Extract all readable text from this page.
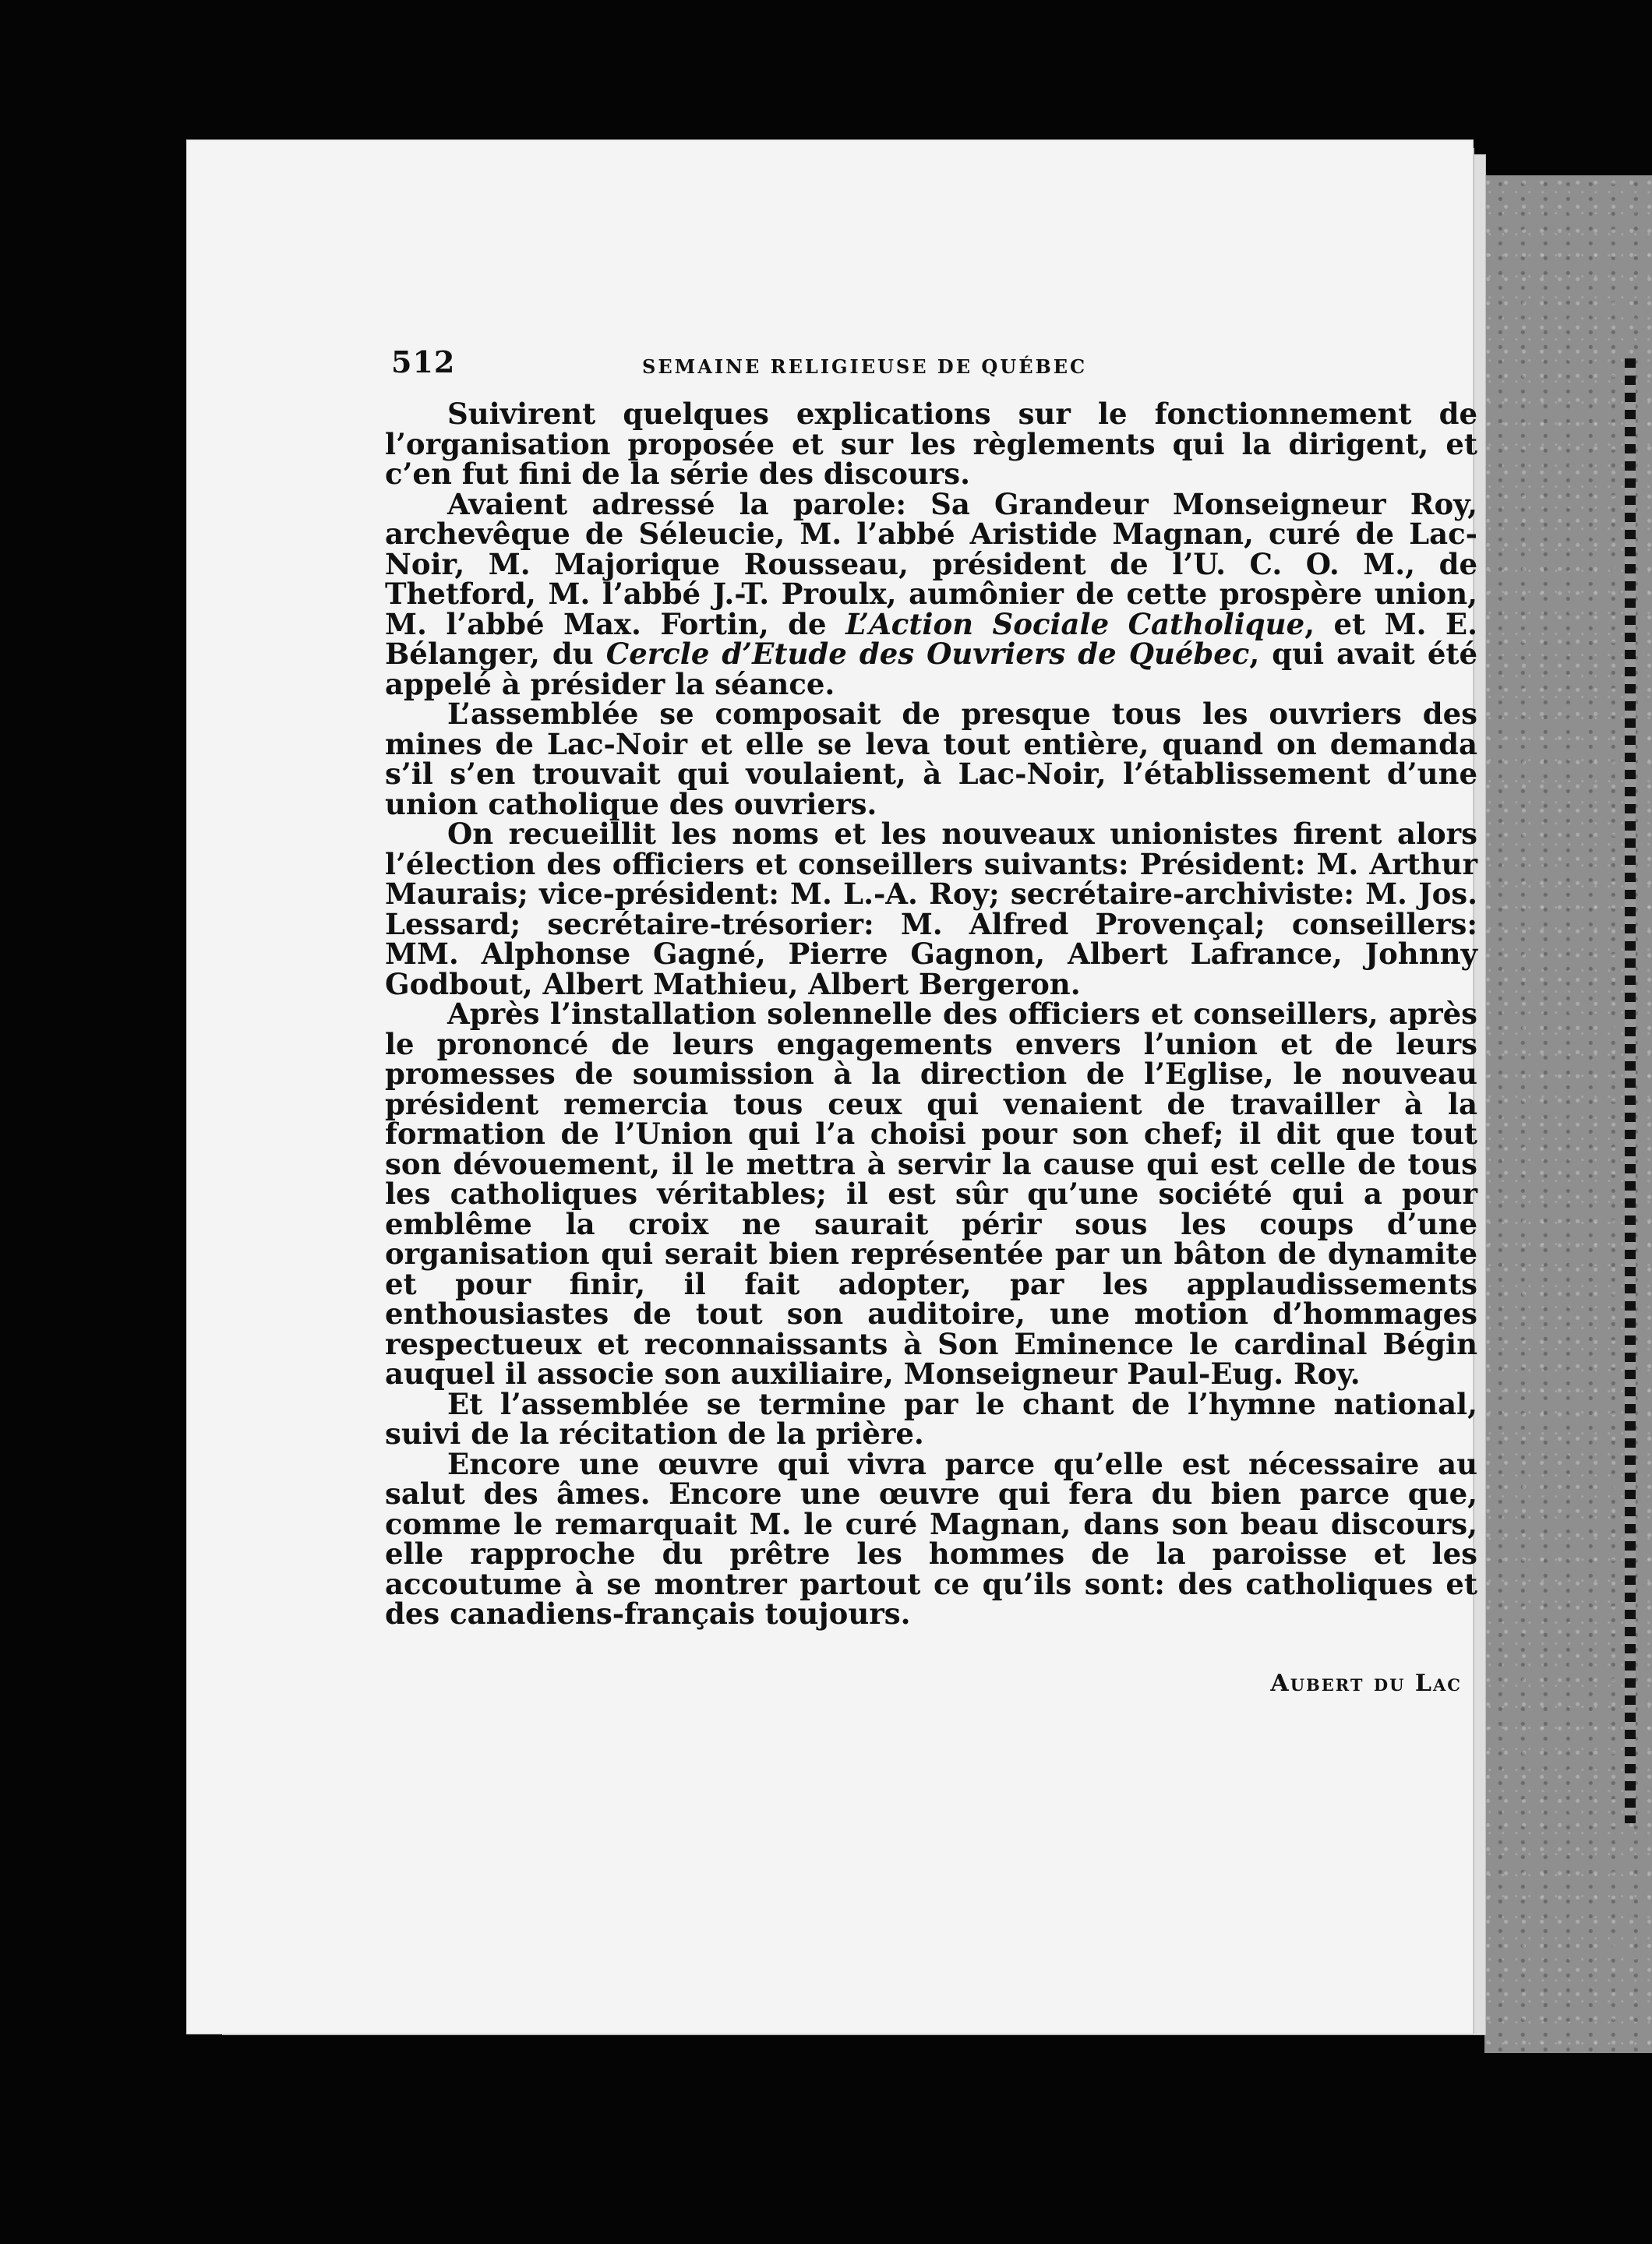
512	SEMAINE RELIGIEUSE DE QUÉBEC

Suivirent quelques explications sur le fonctionnement de l’organisation proposée et sur les règlements qui la dirigent, et c’en fut fini de la série des discours.

Avaient adressé la parole: Sa Grandeur Monseigneur Roy, archevêque de Séleucie, M. l’abbé Aristide Magnan, curé de Lac-Noir, M. Majorique Rousseau, président de l’U. C. O. M., de Thetford, M. l’abbé J.-T. Proulx, aumônier de cette prospère union, M. l’abbé Max. Fortin, de L’Action Sociale Catholique, et M. E. Bélanger, du Cercle d’Etude des Ouvriers de Québec, qui avait été appelé à présider la séance.

L’assemblée se composait de presque tous les ouvriers des mines de Lac-Noir et elle se leva tout entière, quand on demanda s’il s’en trouvait qui voulaient, à Lac-Noir, l’établissement d’une union catholique des ouvriers.

On recueillit les noms et les nouveaux unionistes firent alors l’élection des officiers et conseillers suivants: Président: M. Arthur Maurais; vice-président: M. L.-A. Roy; secrétaire-archiviste: M. Jos. Lessard; secrétaire-trésorier: M. Alfred Provençal; conseillers: MM. Alphonse Gagné, Pierre Gagnon, Albert Lafrance, Johnny Godbout, Albert Mathieu, Albert Bergeron.

Après l’installation solennelle des officiers et conseillers, après le prononcé de leurs engagements envers l’union et de leurs promesses de soumission à la direction de l’Eglise, le nouveau président remercia tous ceux qui venaient de travailler à la formation de l’Union qui l’a choisi pour son chef; il dit que tout son dévouement, il le mettra à servir la cause qui est celle de tous les catholiques véritables; il est sûr qu’une société qui a pour emblême la croix ne saurait périr sous les coups d’une organisation qui serait bien représentée par un bâton de dynamite et pour finir, il fait adopter, par les applaudissements enthousiastes de tout son auditoire, une motion d’hommages respectueux et reconnaissants à Son Eminence le cardinal Bégin auquel il associe son auxiliaire, Monseigneur Paul-Eug. Roy.

Et l’assemblée se termine par le chant de l’hymne national, suivi de la récitation de la prière.

Encore une œuvre qui vivra parce qu’elle est nécessaire au salut des âmes. Encore une œuvre qui fera du bien parce que, comme le remarquait M. le curé Magnan, dans son beau discours, elle rapproche du prêtre les hommes de la paroisse et les accoutume à se montrer partout ce qu’ils sont: des catholiques et des canadiens-français toujours.

Aubert du Lac
